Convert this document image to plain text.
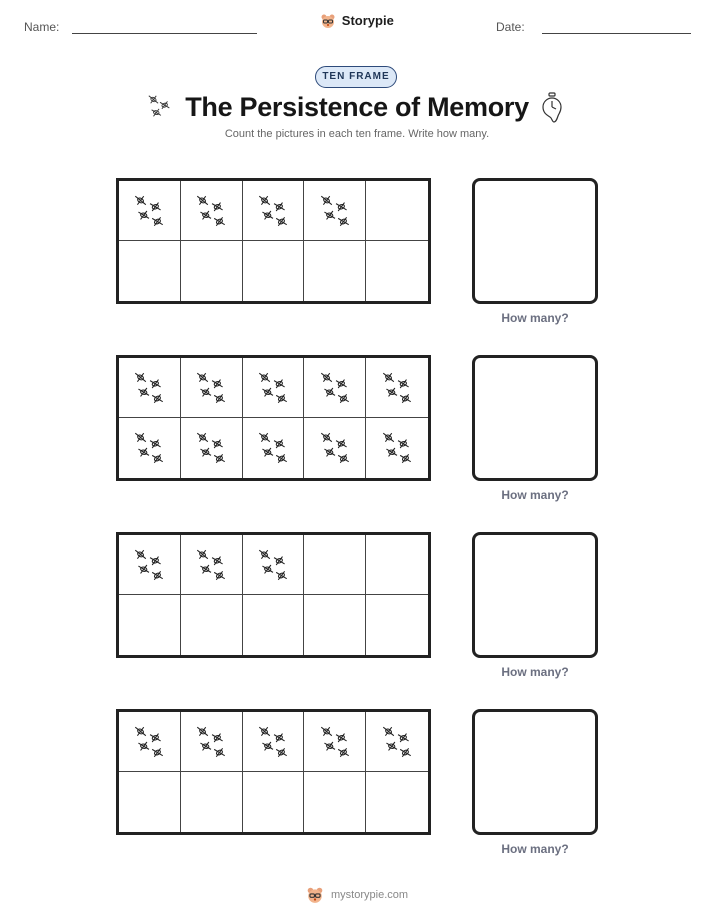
Name:	Storypie	Date:
TEN FRAME
The Persistence of Memory
Count the pictures in each ten frame. Write how many.
How many?
How many?
How many?
How many?
mystorypie.com
